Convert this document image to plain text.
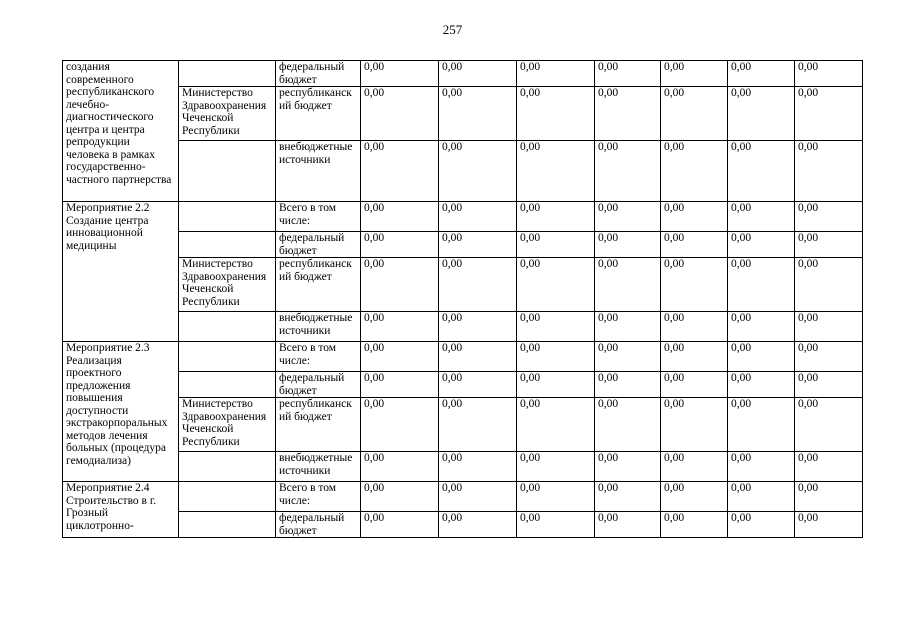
257
создания современного республиканского лечебно-диагностического центра и центра репродукции человека в рамках государственно-частного партнерства		федеральный бюджет	0,00	0,00	0,00	0,00	0,00	0,00	0,00
	Министерство Здравоохранения Чеченской Республики	республиканский бюджет	0,00	0,00	0,00	0,00	0,00	0,00	0,00
		внебюджетные источники	0,00	0,00	0,00	0,00	0,00	0,00	0,00
Мероприятие 2.2 Создание центра инновационной медицины		Всего в том числе:	0,00	0,00	0,00	0,00	0,00	0,00	0,00
		федеральный бюджет	0,00	0,00	0,00	0,00	0,00	0,00	0,00
	Министерство Здравоохранения Чеченской Республики	республиканский бюджет	0,00	0,00	0,00	0,00	0,00	0,00	0,00
		внебюджетные источники	0,00	0,00	0,00	0,00	0,00	0,00	0,00
Мероприятие 2.3 Реализация проектного предложения повышения доступности экстракорпоральных методов лечения больных (процедура гемодиализа)		Всего в том числе:	0,00	0,00	0,00	0,00	0,00	0,00	0,00
		федеральный бюджет	0,00	0,00	0,00	0,00	0,00	0,00	0,00
	Министерство Здравоохранения Чеченской Республики	республиканский бюджет	0,00	0,00	0,00	0,00	0,00	0,00	0,00
		внебюджетные источники	0,00	0,00	0,00	0,00	0,00	0,00	0,00
Мероприятие 2.4 Строительство в г. Грозный циклотронно-		Всего в том числе:	0,00	0,00	0,00	0,00	0,00	0,00	0,00
		федеральный бюджет	0,00	0,00	0,00	0,00	0,00	0,00	0,00
